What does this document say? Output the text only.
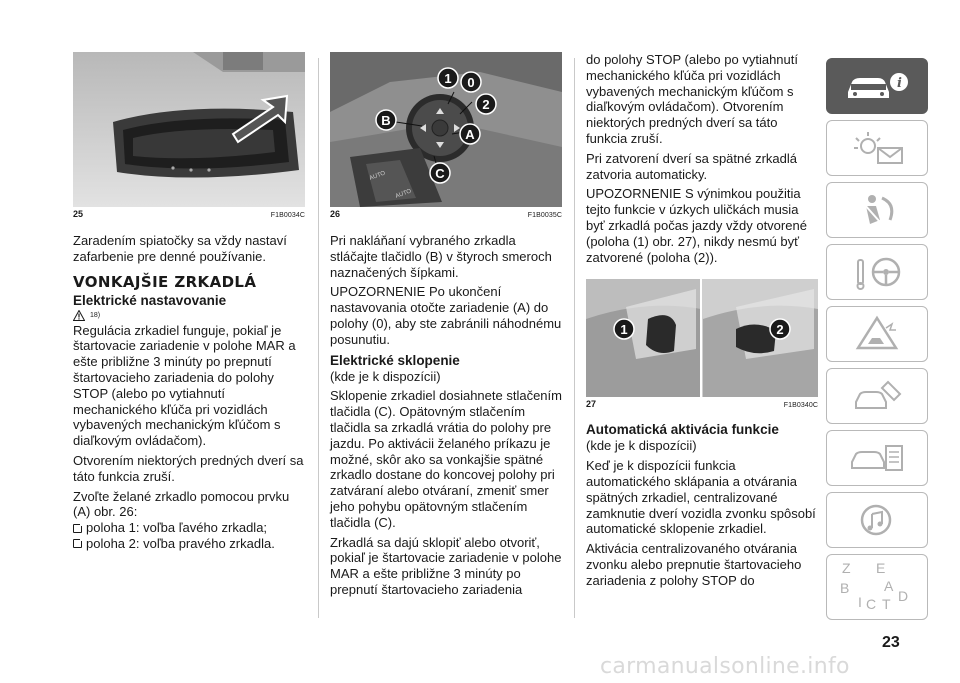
25	F1B0034C

Zaradením spiatočky sa vždy nastaví zafarbenie pre denné používanie.

VONKAJŠIE ZRKADLÁ
Elektrické nastavovanie
18)

Regulácia zrkadiel funguje, pokiaľ je štartovacie zariadenie v polohe MAR a ešte približne 3 minúty po prepnutí štartovacieho zariadenia do polohy STOP (alebo po vytiahnutí mechanického kľúča pri vozidlách vybavených mechanickým kľúčom s diaľkovým ovládačom).

Otvorením niektorých predných dverí sa táto funkcia zruší.

Zvoľte želané zrkadlo pomocou prvku (A) obr. 26:

poloha 1: voľba ľavého zrkadla;

poloha 2: voľba pravého zrkadla.

AUTO
AUTO
1 0
2
B
A
C
26	F1B0035C

Pri nakláňaní vybraného zrkadla stláčajte tlačidlo (B) v štyroch smeroch naznačených šípkami.

UPOZORNENIE Po ukončení nastavovania otočte zariadenie (A) do polohy (0), aby ste zabránili náhodnému posunutiu.

Elektrické sklopenie

(kde je k dispozícii)

Sklopenie zrkadiel dosiahnete stlačením tlačidla (C). Opätovným stlačením tlačidla sa zrkadlá vrátia do polohy pre jazdu. Po aktivácii želaného príkazu je možné, skôr ako sa vonkajšie spätné zrkadlo dostane do koncovej polohy pri zatváraní alebo otváraní, zmeniť smer jeho pohybu opätovným stlačením tlačidla (C).

Zrkadlá sa dajú sklopiť alebo otvoriť, pokiaľ je štartovacie zariadenie v polohe MAR a ešte približne 3 minúty po prepnutí štartovacieho zariadenia

do polohy STOP (alebo po vytiahnutí mechanického kľúča pri vozidlách vybavených mechanickým kľúčom s diaľkovým ovládačom). Otvorením niektorých predných dverí sa táto funkcia zruší.

Pri zatvorení dverí sa spätné zrkadlá zatvoria automaticky.

UPOZORNENIE S výnimkou použitia tejto funkcie v úzkych uličkách musia byť zrkadlá počas jazdy vždy otvorené (poloha (1) obr. 27), nikdy nesmú byť zatvorené (poloha (2)).

1	2
27	F1B0340C
Automatická aktivácia funkcie

(kde je k dispozícii)

Keď je k dispozícii funkcia automatického sklápania a otvárania spätných zrkadiel, centralizované zamknutie dverí vozidla zvonku spôsobí automatické sklopenie zrkadiel.

Aktivácia centralizovaného otvárania zvonku alebo prepnutie štartovacieho zariadenia z polohy STOP do

i
Z E
B A
D
I C T
23
carmanualsonline.info
